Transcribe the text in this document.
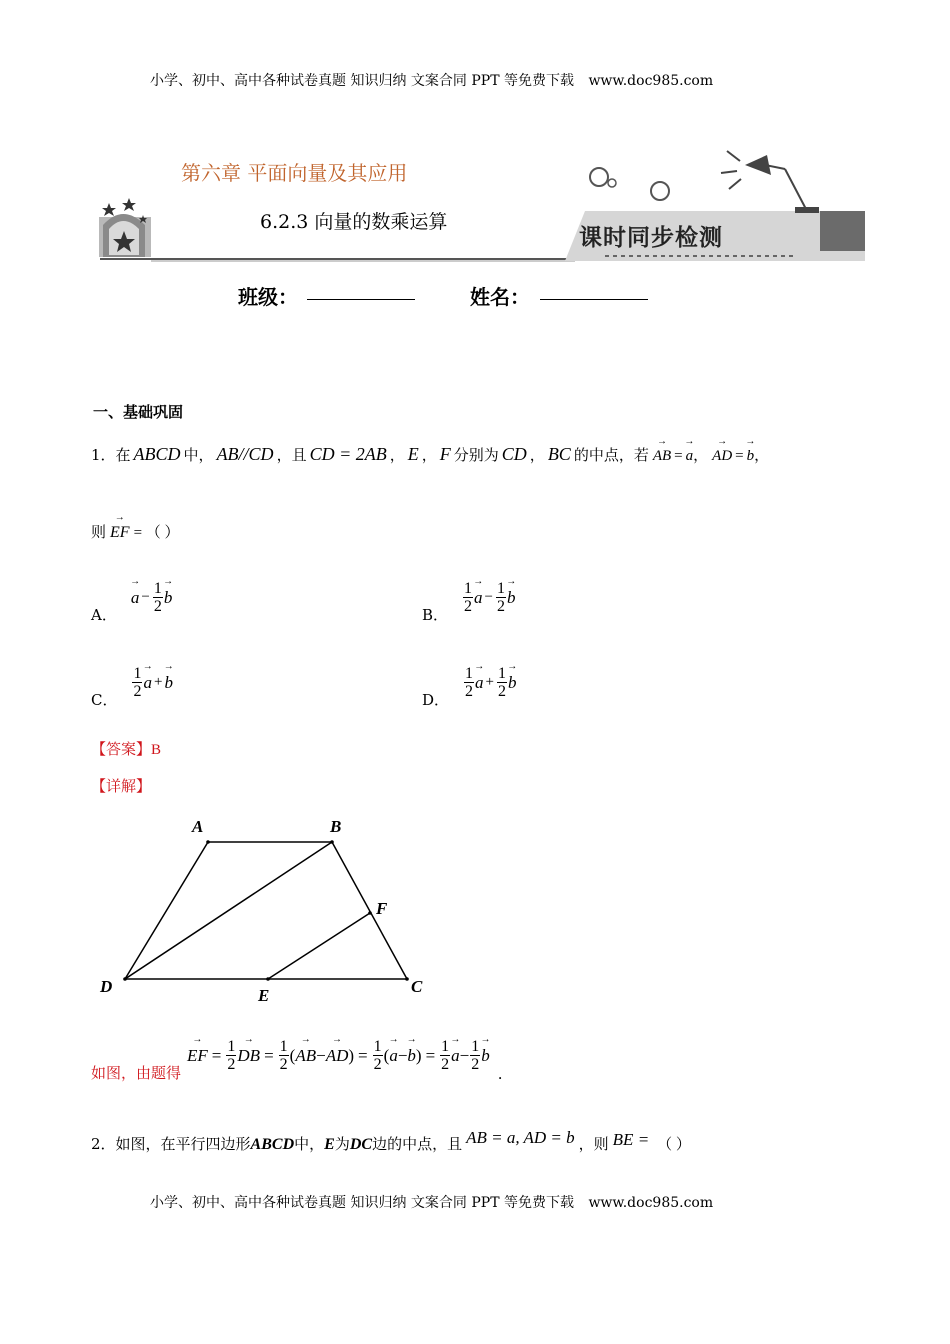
小学、初中、高中各种试卷真题 知识归纳 文案合同 PPT 等免费下载 www.doc985.com
第六章 平面向量及其应用
6.2.3 向量的数乘运算
课时同步检测
班级：	姓名：
一、基础巩固
1．在 ABCD 中， AB//CD ，且 CD = 2AB ， E ， F 分别为 CD ， BC 的中点，若
→ AB =
→ a ，
→ AD =
→ b ，
则
→ EF = （ ）
A．
→ $a - \frac{1}{2}$
→ b
B． $\frac{1}{2}$
→ $a - \frac{1}{2}$
→ b
C． $\frac{1}{2}$
→ a +
→ b
D． $\frac{1}{2}$
→ $a + \frac{1}{2}$
→ b
【答案】B
【详解】
A	B
F
D	E	C
如图，由题得
→ EF = $\frac{1}{2}$
→ DB = $\frac{1}{2}$ (
→ AB −
→ AD ) = $\frac{1}{2}$ (
→ a −
→ b ) = $\frac{1}{2}$
→ $a - \frac{1}{2}$
→ b
.
2．如图，在平行四边形 ABCD 中， E 为 DC 边的中点，且 AB = a, AD = b ，则 BE = （ ）
小学、初中、高中各种试卷真题 知识归纳 文案合同 PPT 等免费下载 www.doc985.com
